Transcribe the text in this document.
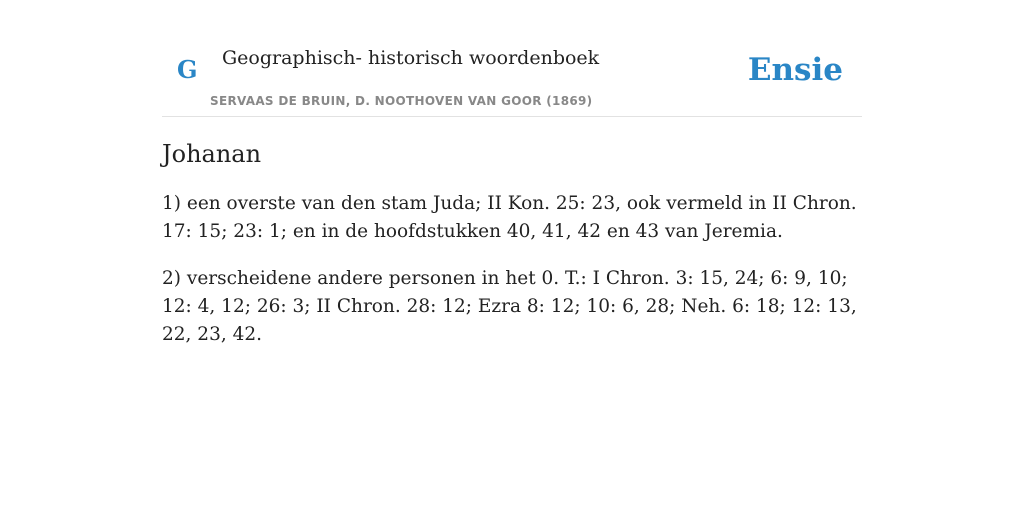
G Geographisch- historisch woordenboek
SERVAAS DE BRUIN, D. NOOTHOVEN VAN GOOR (1869)
Ensie
Johanan

1) een overste van den stam Juda; II Kon. 25: 23, ook vermeld in II Chron. 17: 15; 23: 1; en in de hoofdstukken 40, 41, 42 en 43 van Jeremia.

2) verscheidene andere personen in het 0. T.: I Chron. 3: 15, 24; 6: 9, 10; 12: 4, 12; 26: 3; II Chron. 28: 12; Ezra 8: 12; 10: 6, 28; Neh. 6: 18; 12: 13, 22, 23, 42.
